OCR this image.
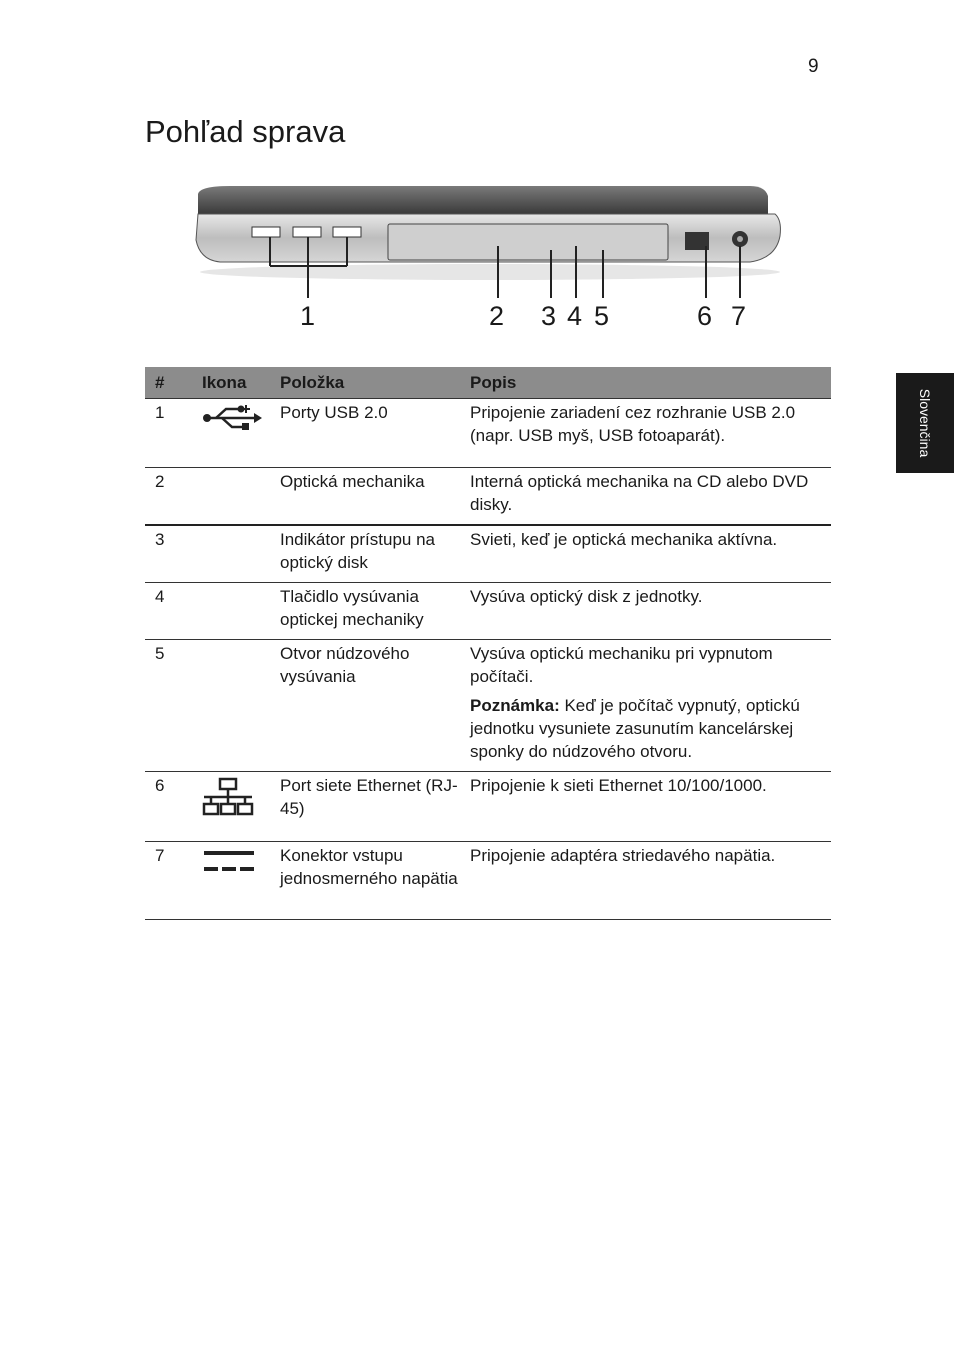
9
Pohľad sprava
Slovenčina
1	2 3 4 5	6 7
#	Ikona	Položka	Popis
1		Porty USB 2.0	Pripojenie zariadení cez rozhranie USB 2.0 (napr. USB myš, USB fotoaparát).
2		Optická mechanika	Interná optická mechanika na CD alebo DVD disky.
3		Indikátor prístupu na optický disk	Svieti, keď je optická mechanika aktívna.
4		Tlačidlo vysúvania optickej mechaniky	Vysúva optický disk z jednotky.
5		Otvor núdzového vysúvania	Vysúva optickú mechaniku pri vypnutom počítači.

Poznámka: Keď je počítač vypnutý, optickú jednotku vysuniete zasunutím kancelárskej sponky do núdzového otvoru.

6		Port siete Ethernet (RJ-45)	Pripojenie k sieti Ethernet 10/100/1000.
7		Konektor vstupu jednosmerného napätia	Pripojenie adaptéra striedavého napätia.
